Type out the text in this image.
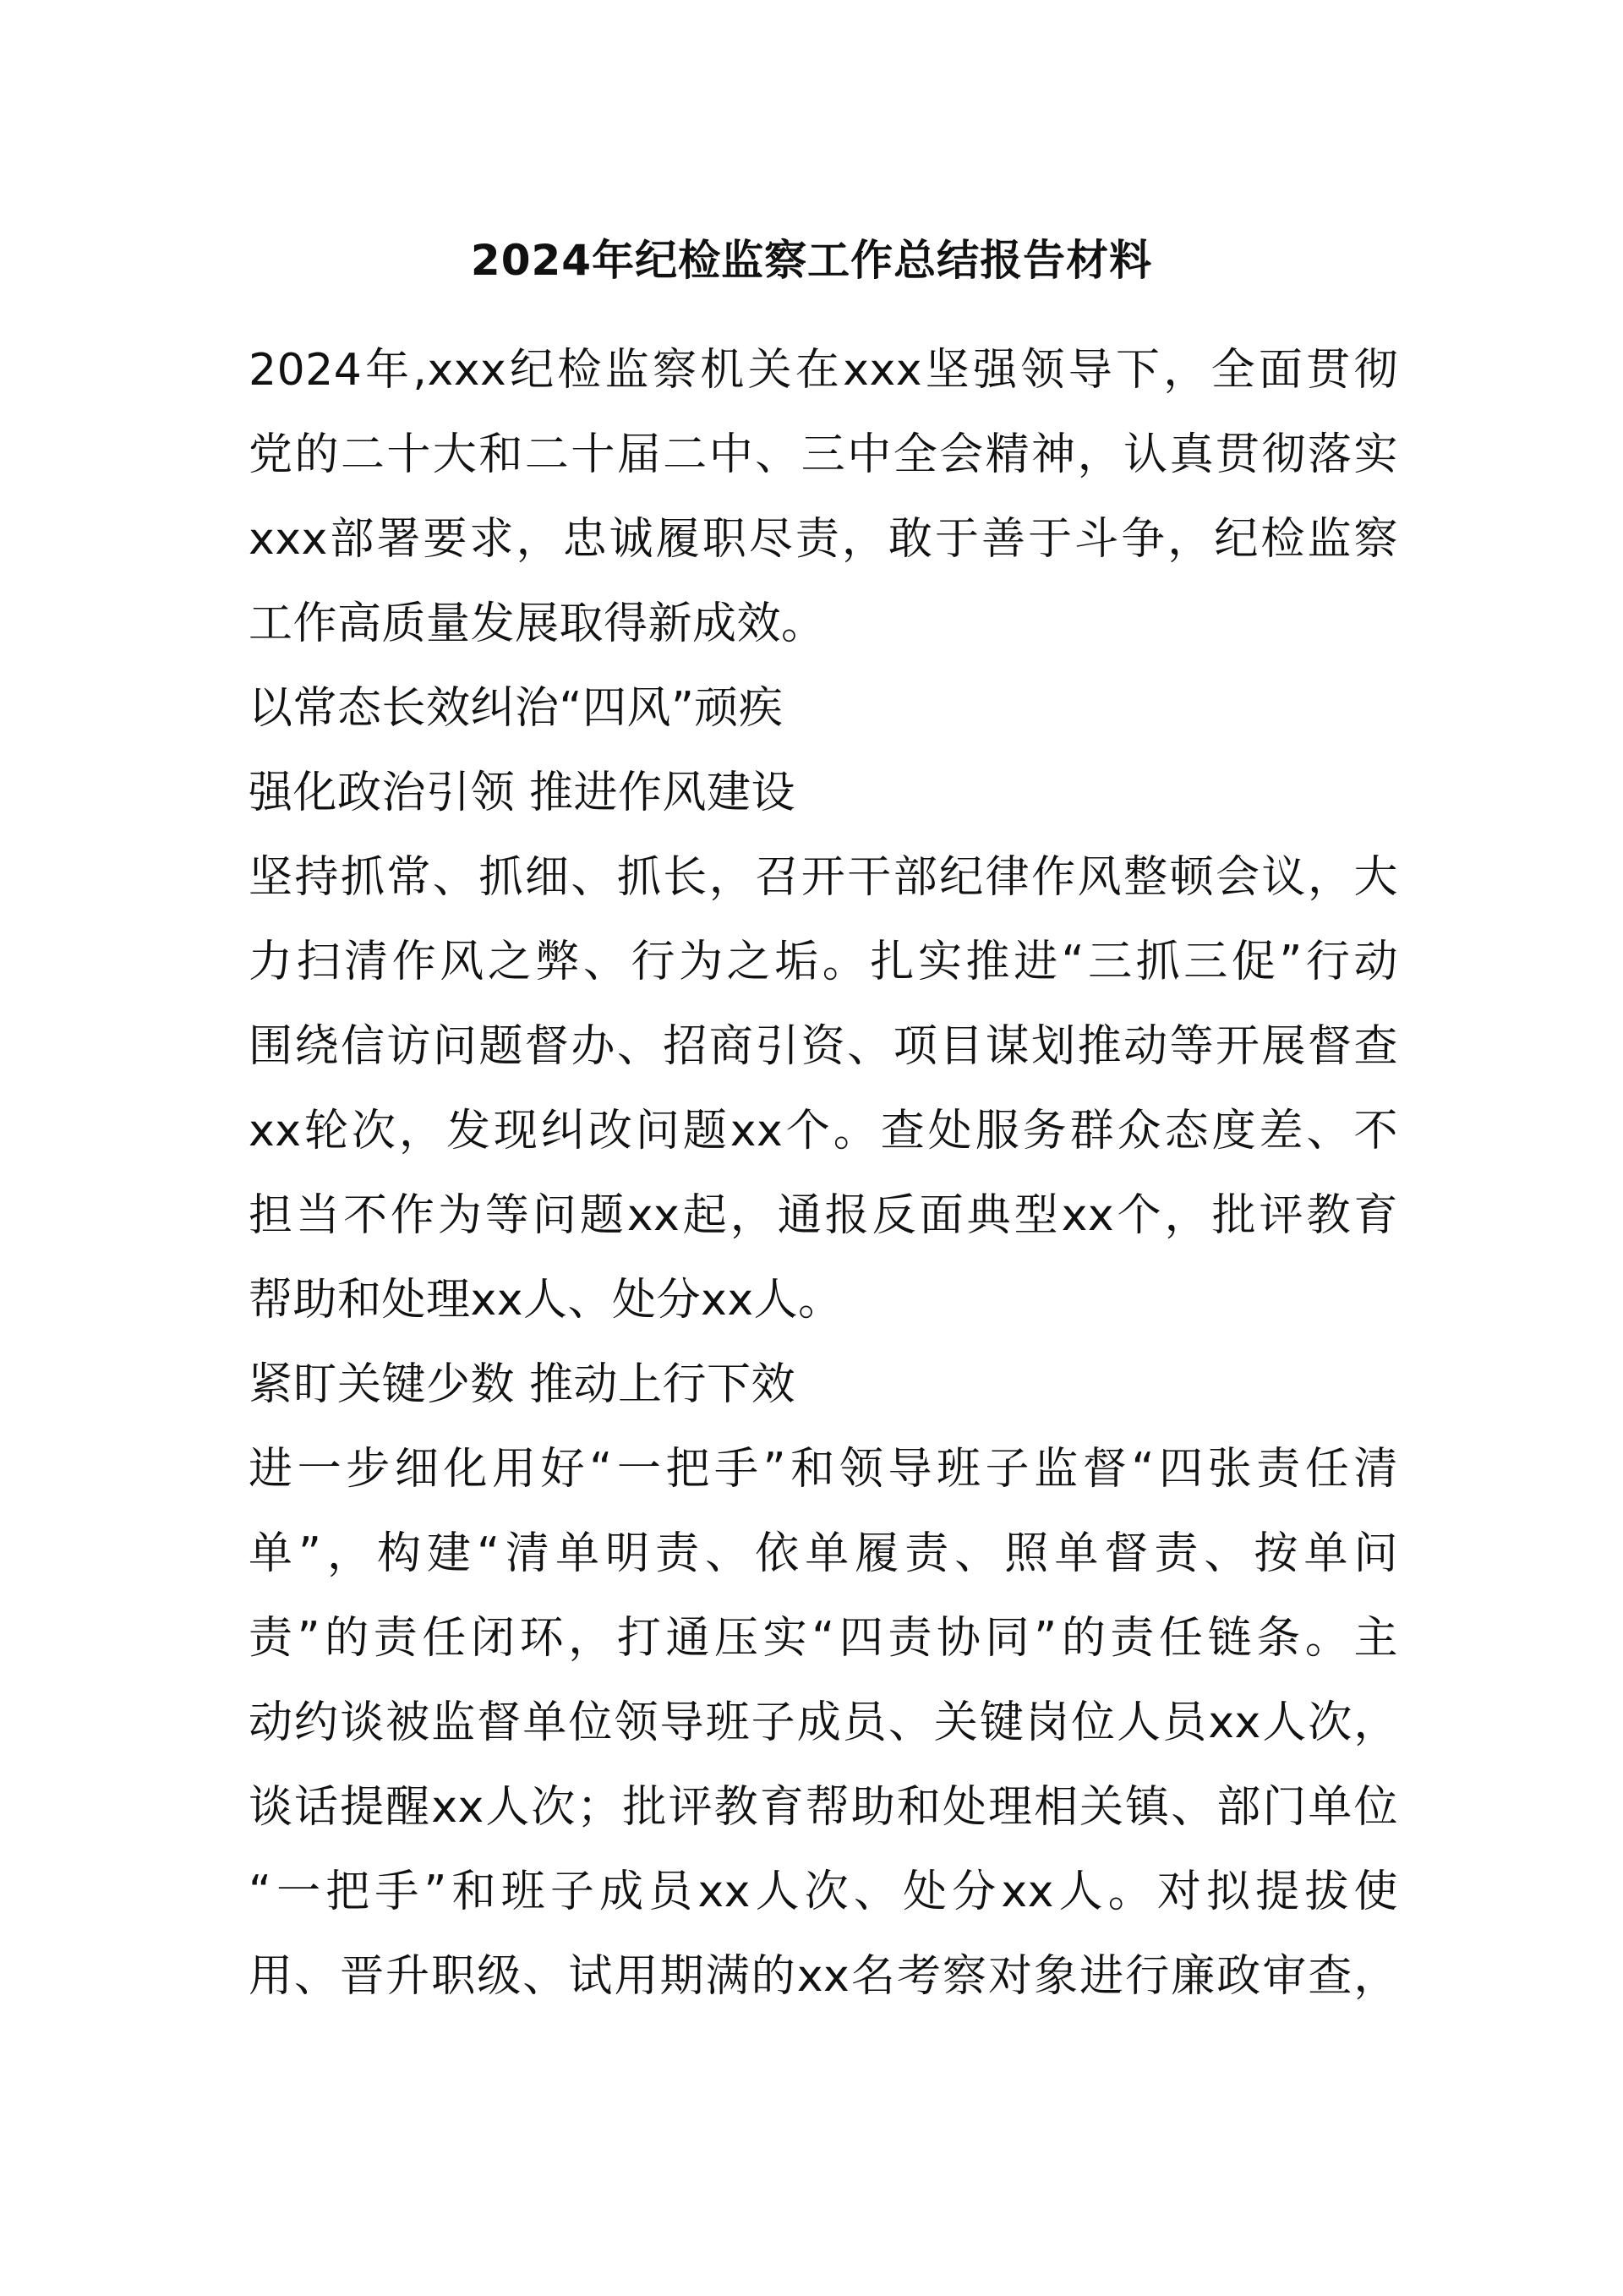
2024年纪检监察工作总结报告材料
2024年,xxx纪检监察机关在xxx坚强领导下，全面贯彻
党的二十大和二十届二中、三中全会精神，认真贯彻落实
xxx部署要求，忠诚履职尽责，敢于善于斗争，纪检监察
工作高质量发展取得新成效。
以常态长效纠治“四风”顽疾
强化政治引领 推进作风建设
坚持抓常、抓细、抓长，召开干部纪律作风整顿会议，大
力扫清作风之弊、行为之垢。扎实推进“三抓三促”行动
围绕信访问题督办、招商引资、项目谋划推动等开展督查
xx轮次，发现纠改问题xx个。查处服务群众态度差、不
担当不作为等问题xx起，通报反面典型xx个，批评教育
帮助和处理xx人、处分xx人。
紧盯关键少数 推动上行下效
进一步细化用好“一把手”和领导班子监督“四张责任清
单”，构建“清单明责、依单履责、照单督责、按单问
责”的责任闭环，打通压实“四责协同”的责任链条。主
动约谈被监督单位领导班子成员、关键岗位人员xx人次，
谈话提醒xx人次；批评教育帮助和处理相关镇、部门单位
“一把手”和班子成员xx人次、处分xx人。对拟提拔使
用、晋升职级、试用期满的xx名考察对象进行廉政审查，
